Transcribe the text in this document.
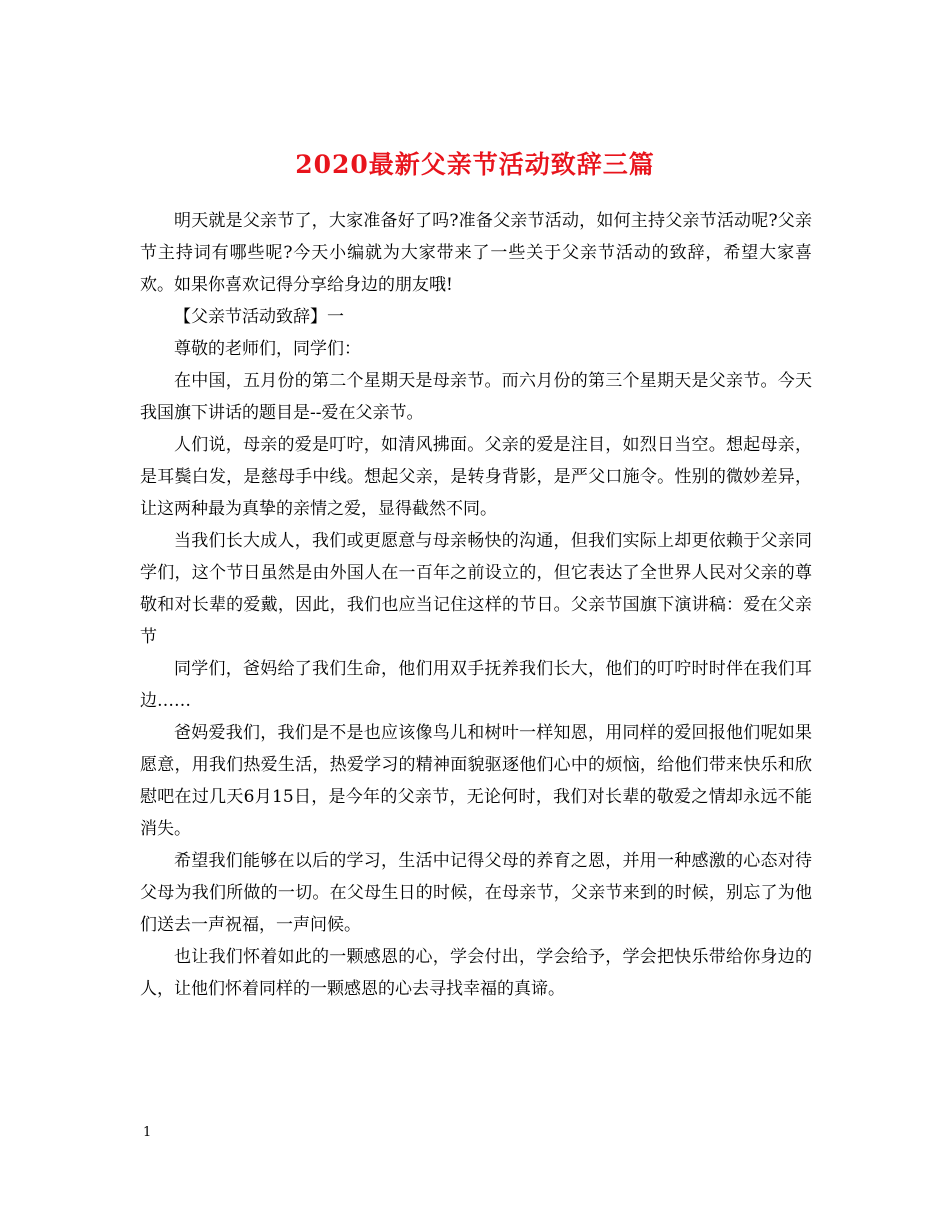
2020最新父亲节活动致辞三篇

明天就是父亲节了，大家准备好了吗?准备父亲节活动，如何主持父亲节活动呢?父亲节主持词有哪些呢?今天小编就为大家带来了一些关于父亲节活动的致辞，希望大家喜欢。如果你喜欢记得分享给身边的朋友哦!

【父亲节活动致辞】一

尊敬的老师们，同学们：

在中国，五月份的第二个星期天是母亲节。而六月份的第三个星期天是父亲节。今天我国旗下讲话的题目是--爱在父亲节。

人们说，母亲的爱是叮咛，如清风拂面。父亲的爱是注目，如烈日当空。想起母亲，是耳鬓白发，是慈母手中线。想起父亲，是转身背影，是严父口施令。性别的微妙差异，让这两种最为真挚的亲情之爱，显得截然不同。

当我们长大成人，我们或更愿意与母亲畅快的沟通，但我们实际上却更依赖于父亲同学们，这个节日虽然是由外国人在一百年之前设立的，但它表达了全世界人民对父亲的尊敬和对长辈的爱戴，因此，我们也应当记住这样的节日。父亲节国旗下演讲稿：爱在父亲节

同学们，爸妈给了我们生命，他们用双手抚养我们长大，他们的叮咛时时伴在我们耳边……

爸妈爱我们，我们是不是也应该像鸟儿和树叶一样知恩，用同样的爱回报他们呢如果愿意，用我们热爱生活，热爱学习的精神面貌驱逐他们心中的烦恼，给他们带来快乐和欣慰吧在过几天6月15日，是今年的父亲节，无论何时，我们对长辈的敬爱之情却永远不能消失。

希望我们能够在以后的学习，生活中记得父母的养育之恩，并用一种感激的心态对待父母为我们所做的一切。在父母生日的时候，在母亲节，父亲节来到的时候，别忘了为他们送去一声祝福，一声问候。

也让我们怀着如此的一颗感恩的心，学会付出，学会给予，学会把快乐带给你身边的人，让他们怀着同样的一颗感恩的心去寻找幸福的真谛。

1
